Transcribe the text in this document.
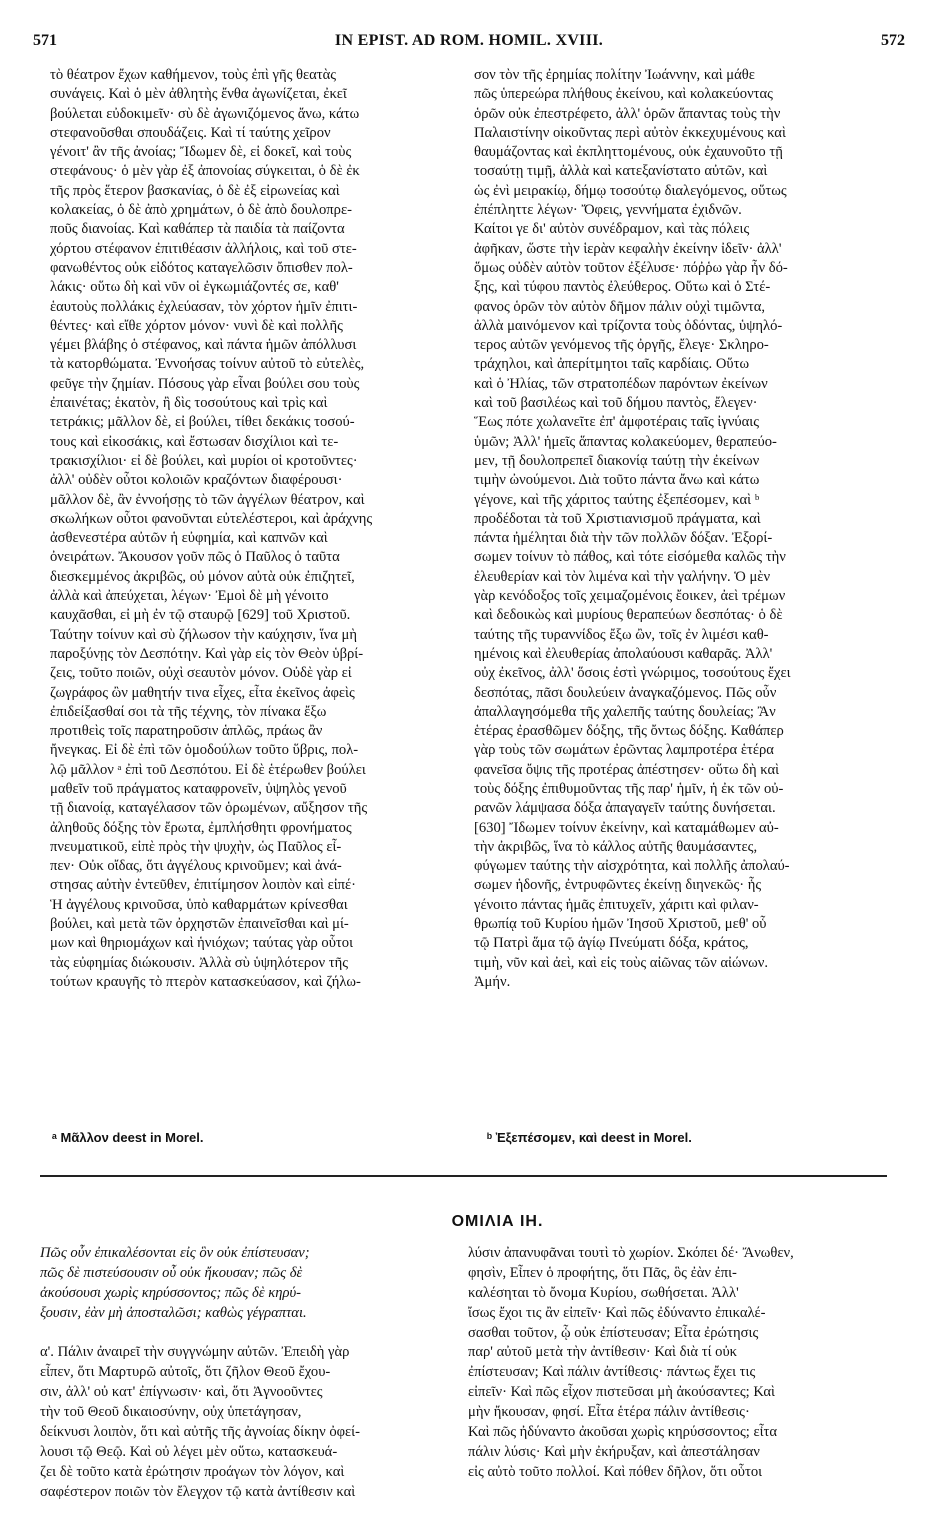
571	IN EPIST. AD ROM. HOMIL. XVIII.	572
τὸ θέατρον ἔχων καθήμενον, τοὺς ἐπὶ γῆς θεατὰς
συνάγεις. Καὶ ὁ μὲν ἀθλητὴς ἔνθα ἀγωνίζεται, ἐκεῖ
βούλεται εὐδοκιμεῖν· σὺ δὲ ἀγωνιζόμενος ἄνω, κάτω
στεφανοῦσθαι σπουδάζεις. Καὶ τί ταύτης χεῖρον
γένοιτ' ἂν τῆς ἀνοίας; Ἴδωμεν δὲ, εἰ δοκεῖ, καὶ τοὺς
στεφάνους· ὁ μὲν γὰρ ἐξ ἀπονοίας σύγκειται, ὁ δὲ ἐκ
τῆς πρὸς ἕτερον βασκανίας, ὁ δὲ ἐξ εἰρωνείας καὶ
κολακείας, ὁ δὲ ἀπὸ χρημάτων, ὁ δὲ ἀπὸ δουλοπρε-
ποῦς διανοίας. Καὶ καθάπερ τὰ παιδία τὰ παίζοντα
χόρτου στέφανον ἐπιτιθέασιν ἀλλήλοις, καὶ τοῦ στε-
φανωθέντος οὐκ εἰδότος καταγελῶσιν ὄπισθεν πολ-
λάκις· οὕτω δὴ καὶ νῦν οἱ ἐγκωμιάζοντές σε, καθ'
ἑαυτοὺς πολλάκις ἐχλεύασαν, τὸν χόρτον ἡμῖν ἐπιτι-
θέντες· καὶ εἴθε χόρτον μόνον· νυνὶ δὲ καὶ πολλῆς
γέμει βλάβης ὁ στέφανος, καὶ πάντα ἡμῶν ἀπόλλυσι
τὰ κατορθώματα. Ἐννοήσας τοίνυν αὐτοῦ τὸ εὐτελὲς,
φεῦγε τὴν ζημίαν. Πόσους γὰρ εἶναι βούλει σου τοὺς
ἐπαινέτας; ἑκατὸν, ἢ δὶς τοσούτους καὶ τρὶς καὶ
τετράκις; μᾶλλον δὲ, εἰ βούλει, τίθει δεκάκις τοσού-
τους καὶ εἰκοσάκις, καὶ ἔστωσαν δισχίλιοι καὶ τε-
τρακισχίλιοι· εἰ δὲ βούλει, καὶ μυρίοι οἱ κροτοῦντες·
ἀλλ' οὐδὲν οὗτοι κολοιῶν κραζόντων διαφέρουσι·
μᾶλλον δὲ, ἂν ἐννοήσῃς τὸ τῶν ἀγγέλων θέατρον, καὶ
σκωλήκων οὗτοι φανοῦνται εὐτελέστεροι, καὶ ἀράχνης
ἀσθενεστέρα αὐτῶν ἡ εὐφημία, καὶ καπνῶν καὶ
ὀνειράτων. Ἄκουσον γοῦν πῶς ὁ Παῦλος ὁ ταῦτα
διεσκεμμένος ἀκριβῶς, οὐ μόνον αὐτὰ οὐκ ἐπιζητεῖ,
ἀλλὰ καὶ ἀπεύχεται, λέγων· Ἐμοὶ δὲ μὴ γένοιτο
καυχᾶσθαι, εἰ μὴ ἐν τῷ σταυρῷ [629] τοῦ Χριστοῦ.
Ταύτην τοίνυν καὶ σὺ ζήλωσον τὴν καύχησιν, ἵνα μὴ
παροξύνῃς τὸν Δεσπότην. Καὶ γὰρ εἰς τὸν Θεὸν ὑβρί-
ζεις, τοῦτο ποιῶν, οὐχὶ σεαυτὸν μόνον. Οὐδὲ γὰρ εἰ
ζωγράφος ὢν μαθητήν τινα εἶχες, εἶτα ἐκεῖνος ἀφεὶς
ἐπιδείξασθαί σοι τὰ τῆς τέχνης, τὸν πίνακα ἔξω
προτιθεὶς τοῖς παρατηροῦσιν ἁπλῶς, πράως ἂν
ἤνεγκας. Εἰ δὲ ἐπὶ τῶν ὁμοδούλων τοῦτο ὕβρις, πολ-
λῷ μᾶλλον ᵃ ἐπὶ τοῦ Δεσπότου. Εἰ δὲ ἑτέρωθεν βούλει
μαθεῖν τοῦ πράγματος καταφρονεῖν, ὑψηλὸς γενοῦ
τῇ διανοίᾳ, καταγέλασον τῶν ὁρωμένων, αὔξησον τῆς
ἀληθοῦς δόξης τὸν ἔρωτα, ἐμπλήσθητι φρονήματος
πνευματικοῦ, εἰπὲ πρὸς τὴν ψυχὴν, ὡς Παῦλος εἶ-
πεν· Οὐκ οἴδας, ὅτι ἀγγέλους κρινοῦμεν; καὶ ἀνά-
στησας αὐτὴν ἐντεῦθεν, ἐπιτίμησον λοιπὸν καὶ εἰπέ·
Ἡ ἀγγέλους κρινοῦσα, ὑπὸ καθαρμάτων κρίνεσθαι
βούλει, καὶ μετὰ τῶν ὀρχηστῶν ἐπαινεῖσθαι καὶ μί-
μων καὶ θηριομάχων καὶ ἡνιόχων; ταύτας γὰρ οὗτοι
τὰς εὐφημίας διώκουσιν. Ἀλλὰ σὺ ὑψηλότερον τῆς
τούτων κραυγῆς τὸ πτερὸν κατασκεύασον, καὶ ζήλω-
σον τὸν τῆς ἐρημίας πολίτην Ἰωάννην, καὶ μάθε
πῶς ὑπερεώρα πλήθους ἐκείνου, καὶ κολακεύοντας
ὁρῶν οὐκ ἐπεστρέφετο, ἀλλ' ὁρῶν ἅπαντας τοὺς τὴν
Παλαιστίνην οἰκοῦντας περὶ αὐτὸν ἐκκεχυμένους καὶ
θαυμάζοντας καὶ ἐκπληττομένους, οὐκ ἐχαυνοῦτο τῇ
τοσαύτῃ τιμῇ, ἀλλὰ καὶ κατεξανίστατο αὐτῶν, καὶ
ὡς ἐνὶ μειρακίῳ, δήμῳ τοσούτῳ διαλεγόμενος, οὕτως
ἐπέπληττε λέγων· Ὄφεις, γεννήματα ἐχιδνῶν.
Καίτοι γε δι' αὐτὸν συνέδραμον, καὶ τὰς πόλεις
ἀφῆκαν, ὥστε τὴν ἱερὰν κεφαλὴν ἐκείνην ἰδεῖν· ἀλλ'
ὅμως οὐδὲν αὐτὸν τοῦτον ἐξέλυσε· πόῤῥω γὰρ ἦν δό-
ξης, καὶ τύφου παντὸς ἐλεύθερος. Οὕτω καὶ ὁ Στέ-
φανος ὁρῶν τὸν αὐτὸν δῆμον πάλιν οὐχὶ τιμῶντα,
ἀλλὰ μαινόμενον καὶ τρίζοντα τοὺς ὀδόντας, ὑψηλό-
τερος αὐτῶν γενόμενος τῆς ὀργῆς, ἔλεγε· Σκληρο-
τράχηλοι, καὶ ἀπερίτμητοι ταῖς καρδίαις. Οὕτω
καὶ ὁ Ἠλίας, τῶν στρατοπέδων παρόντων ἐκείνων
καὶ τοῦ βασιλέως καὶ τοῦ δήμου παντὸς, ἔλεγεν·
Ἕως πότε χωλανεῖτε ἐπ' ἀμφοτέραις ταῖς ἰγνύαις
ὑμῶν; Ἀλλ' ἡμεῖς ἅπαντας κολακεύομεν, θεραπεύο-
μεν, τῇ δουλοπρεπεῖ διακονίᾳ ταύτῃ τὴν ἐκείνων
τιμὴν ὠνούμενοι. Διὰ τοῦτο πάντα ἄνω καὶ κάτω
γέγονε, καὶ τῆς χάριτος ταύτης ἐξεπέσομεν, καὶ ᵇ
προδέδοται τὰ τοῦ Χριστιανισμοῦ πράγματα, καὶ
πάντα ἠμέληται διὰ τὴν τῶν πολλῶν δόξαν. Ἐξορί-
σωμεν τοίνυν τὸ πάθος, καὶ τότε εἰσόμεθα καλῶς τὴν
ἐλευθερίαν καὶ τὸν λιμένα καὶ τὴν γαλήνην. Ὁ μὲν
γὰρ κενόδοξος τοῖς χειμαζομένοις ἔοικεν, ἀεὶ τρέμων
καὶ δεδοικὼς καὶ μυρίους θεραπεύων δεσπότας· ὁ δὲ
ταύτης τῆς τυραννίδος ἔξω ὢν, τοῖς ἐν λιμέσι καθ-
ημένοις καὶ ἐλευθερίας ἀπολαύουσι καθαρᾶς. Ἀλλ'
οὐχ ἐκεῖνος, ἀλλ' ὅσοις ἐστὶ γνώριμος, τοσούτους ἔχει
δεσπότας, πᾶσι δουλεύειν ἀναγκαζόμενος. Πῶς οὖν
ἀπαλλαγησόμεθα τῆς χαλεπῆς ταύτης δουλείας; Ἂν
ἑτέρας ἐρασθῶμεν δόξης, τῆς ὄντως δόξης. Καθάπερ
γὰρ τοὺς τῶν σωμάτων ἐρῶντας λαμπροτέρα ἑτέρα
φανεῖσα ὄψις τῆς προτέρας ἀπέστησεν· οὕτω δὴ καὶ
τοὺς δόξης ἐπιθυμοῦντας τῆς παρ' ἡμῖν, ἡ ἐκ τῶν οὐ-
ρανῶν λάμψασα δόξα ἀπαγαγεῖν ταύτης δυνήσεται.
[630] Ἴδωμεν τοίνυν ἐκείνην, καὶ καταμάθωμεν αὐ-
τὴν ἀκριβῶς, ἵνα τὸ κάλλος αὐτῆς θαυμάσαντες,
φύγωμεν ταύτης τὴν αἰσχρότητα, καὶ πολλῆς ἀπολαύ-
σωμεν ἡδονῆς, ἐντρυφῶντες ἐκείνῃ διηνεκῶς· ἧς
γένοιτο πάντας ἡμᾶς ἐπιτυχεῖν, χάριτι καὶ φιλαν-
θρωπίᾳ τοῦ Κυρίου ἡμῶν Ἰησοῦ Χριστοῦ, μεθ' οὗ
τῷ Πατρὶ ἅμα τῷ ἁγίῳ Πνεύματι δόξα, κράτος,
τιμὴ, νῦν καὶ ἀεὶ, καὶ εἰς τοὺς αἰῶνας τῶν αἰώνων.
Ἀμήν.
ᵃ Μᾶλλον deest in Morel.	ᵇ Ἐξεπέσομεν, καὶ deest in Morel.
ΟΜΙΛΙΑ ΙΗ.
Πῶς οὖν ἐπικαλέσονται εἰς ὃν οὐκ ἐπίστευσαν;
πῶς δὲ πιστεύσουσιν οὗ οὐκ ἤκουσαν; πῶς δὲ
ἀκούσουσι χωρὶς κηρύσσοντος; πῶς δὲ κηρύ-
ξουσιν, ἐὰν μὴ ἀποσταλῶσι; καθὼς γέγραπται.
α'. Πάλιν ἀναιρεῖ τὴν συγγνώμην αὐτῶν. Ἐπειδὴ γὰρ
εἶπεν, ὅτι Μαρτυρῶ αὐτοῖς, ὅτι ζῆλον Θεοῦ ἔχου-
σιν, ἀλλ' οὐ κατ' ἐπίγνωσιν· καὶ, ὅτι Ἀγνοοῦντες
τὴν τοῦ Θεοῦ δικαιοσύνην, οὐχ ὑπετάγησαν,
δείκνυσι λοιπὸν, ὅτι καὶ αὐτῆς τῆς ἀγνοίας δίκην ὀφεί-
λουσι τῷ Θεῷ. Καὶ οὐ λέγει μὲν οὕτω, κατασκευά-
ζει δὲ τοῦτο κατὰ ἐρώτησιν προάγων τὸν λόγον, καὶ
σαφέστερον ποιῶν τὸν ἔλεγχον τῷ κατὰ ἀντίθεσιν καὶ
λύσιν ἀπανυφᾶναι τουτὶ τὸ χωρίον. Σκόπει δέ· Ἄνωθεν,
φησὶν, Εἶπεν ὁ προφήτης, ὅτι Πᾶς, ὃς ἐὰν ἐπι-
καλέσηται τὸ ὄνομα Κυρίου, σωθήσεται. Ἀλλ'
ἴσως ἔχοι τις ἂν εἰπεῖν· Καὶ πῶς ἐδύναντο ἐπικαλέ-
σασθαι τοῦτον, ᾧ οὐκ ἐπίστευσαν; Εἶτα ἐρώτησις
παρ' αὐτοῦ μετὰ τὴν ἀντίθεσιν· Καὶ διὰ τί οὐκ
ἐπίστευσαν; Καὶ πάλιν ἀντίθεσις· πάντως ἔχει τις
εἰπεῖν· Καὶ πῶς εἶχον πιστεῦσαι μὴ ἀκούσαντες; Καὶ
μὴν ἤκουσαν, φησί. Εἶτα ἑτέρα πάλιν ἀντίθεσις·
Καὶ πῶς ἠδύναντο ἀκοῦσαι χωρὶς κηρύσσοντος; εἶτα
πάλιν λύσις· Καὶ μὴν ἐκήρυξαν, καὶ ἀπεστάλησαν
εἰς αὐτὸ τοῦτο πολλοί. Καὶ πόθεν δῆλον, ὅτι οὗτοι
